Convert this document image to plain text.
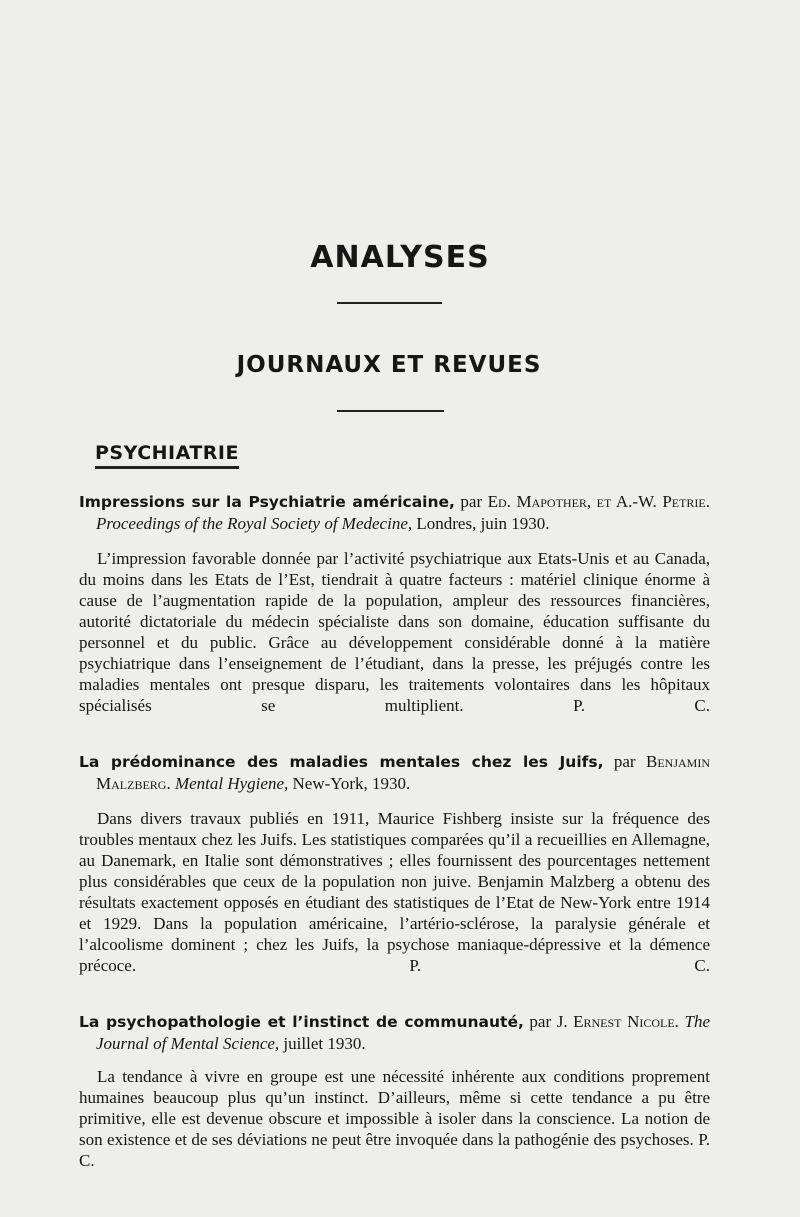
ANALYSES
JOURNAUX ET REVUES
PSYCHIATRIE

Impressions sur la Psychiatrie américaine, par Ed. Mapother, et A.-W. Petrie. Proceedings of the Royal Society of Medecine, Londres, juin 1930.

L’impression favorable donnée par l’activité psychiatrique aux Etats-Unis et au Canada, du moins dans les Etats de l’Est, tiendrait à quatre facteurs : matériel clinique énorme à cause de l’augmentation rapide de la population, ampleur des ressources financières, autorité dictatoriale du médecin spécialiste dans son domaine, éducation suffisante du personnel et du public. Grâce au développement considérable donné à la matière psychiatrique dans l’enseignement de l’étudiant, dans la presse, les préjugés contre les maladies mentales ont presque disparu, les traitements volontaires dans les hôpitaux spécialisés se multiplient.	P. C.

La prédominance des maladies mentales chez les Juifs, par Benjamin Malzberg. Mental Hygiene, New-York, 1930.

Dans divers travaux publiés en 1911, Maurice Fishberg insiste sur la fréquence des troubles mentaux chez les Juifs. Les statistiques comparées qu’il a recueillies en Allemagne, au Danemark, en Italie sont démonstratives ; elles fournissent des pourcentages nettement plus considérables que ceux de la population non juive. Benjamin Malzberg a obtenu des résultats exactement opposés en étudiant des statistiques de l’Etat de New-York entre 1914 et 1929. Dans la population américaine, l’artério-sclérose, la paralysie générale et l’alcoolisme dominent ; chez les Juifs, la psychose maniaque-dépressive et la démence précoce.	P. C.

La psychopathologie et l’instinct de communauté, par J. Ernest Nicole. The Journal of Mental Science, juillet 1930.

La tendance à vivre en groupe est une nécessité inhérente aux conditions proprement humaines beaucoup plus qu’un instinct. D’ailleurs, même si cette tendance a pu être primitive, elle est devenue obscure et impossible à isoler dans la conscience. La notion de son existence et de ses déviations ne peut être invoquée dans la pathogénie des psychoses. P. C.
